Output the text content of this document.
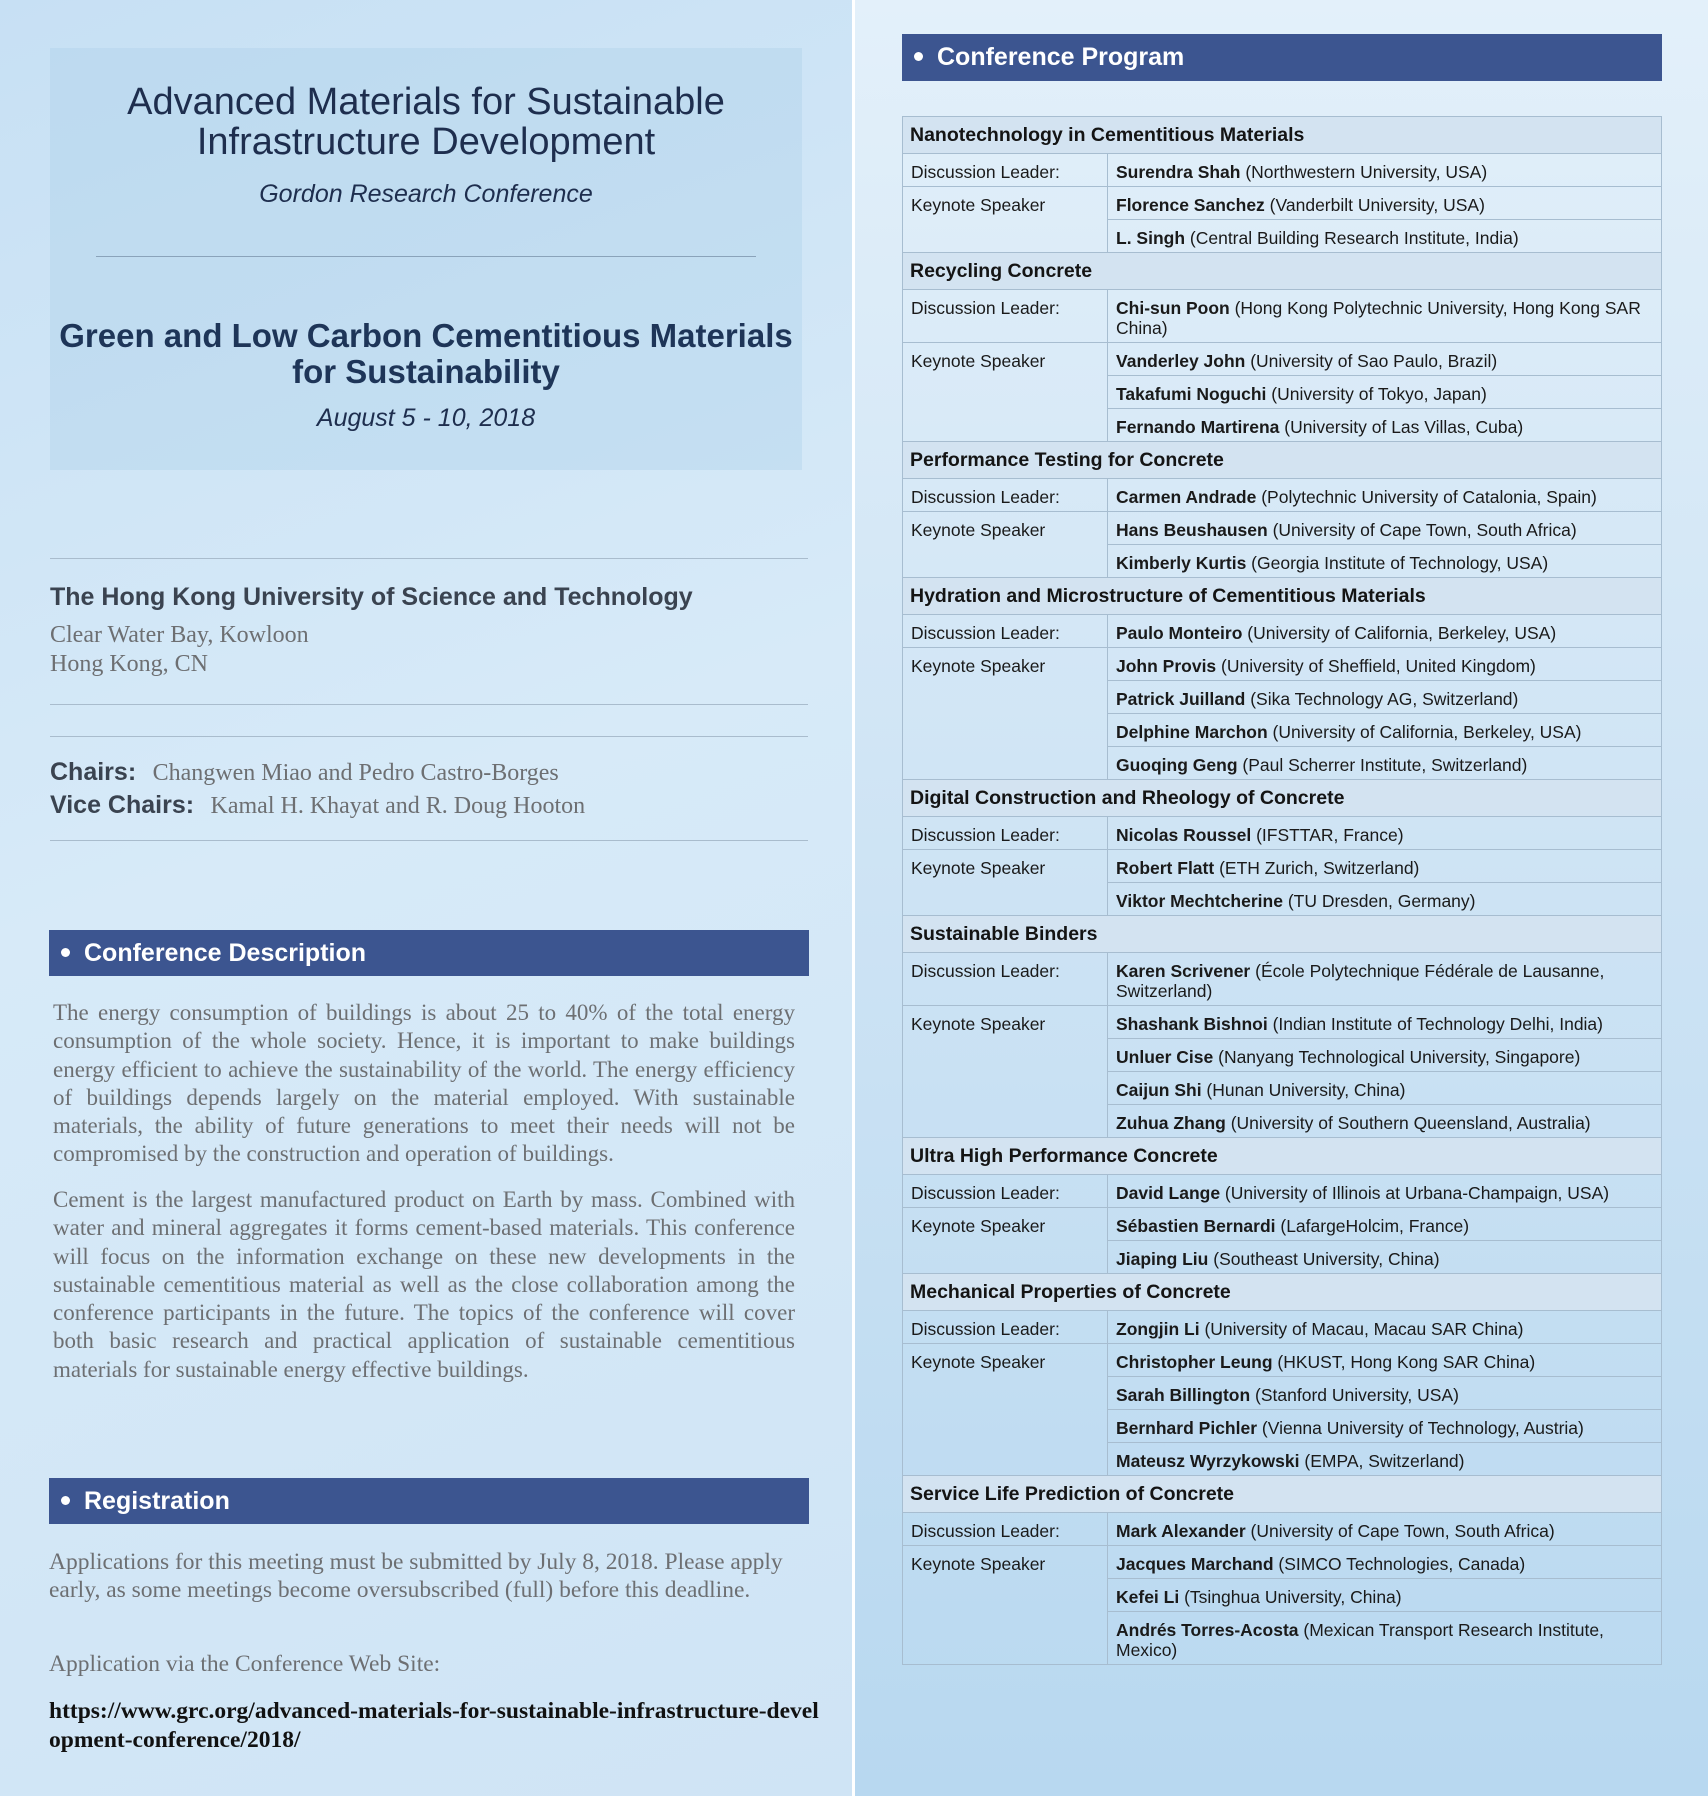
Advanced Materials for Sustainable Infrastructure Development
Gordon Research Conference
Green and Low Carbon Cementitious Materials for Sustainability
August 5 - 10, 2018
The Hong Kong University of Science and Technology
Clear Water Bay, Kowloon
Hong Kong, CN
Chairs: Changwen Miao and Pedro Castro-Borges
Vice Chairs: Kamal H. Khayat and R. Doug Hooton
Conference Description

The energy consumption of buildings is about 25 to 40% of the total energy consumption of the whole society. Hence, it is important to make buildings energy efficient to achieve the sustainability of the world. The energy efficiency of buildings depends largely on the material employed. With sustainable materials, the ability of future generations to meet their needs will not be compromised by the construction and operation of buildings.

Cement is the largest manufactured product on Earth by mass. Combined with water and mineral aggregates it forms cement-based materials. This conference will focus on the information exchange on these new developments in the sustainable cementitious material as well as the close collaboration among the conference participants in the future. The topics of the conference will cover both basic research and practical application of sustainable cementitious materials for sustainable energy effective buildings.

Registration

Applications for this meeting must be submitted by July 8, 2018. Please apply early, as some meetings become oversubscribed (full) before this deadline.

Application via the Conference Web Site:

https://www.grc.org/advanced-materials-for-sustainable-infrastructure-development-conference/2018/
Conference Program
Nanotechnology in Cementitious Materials	
Discussion Leader:	Surendra Shah (Northwestern University, USA)
Keynote Speaker	Florence Sanchez (Vanderbilt University, USA)
	L. Singh (Central Building Research Institute, India)
Recycling Concrete	
Discussion Leader:	Chi-sun Poon (Hong Kong Polytechnic University, Hong Kong SAR China)
Keynote Speaker	Vanderley John (University of Sao Paulo, Brazil)
	Takafumi Noguchi (University of Tokyo, Japan)
	Fernando Martirena (University of Las Villas, Cuba)
Performance Testing for Concrete	
Discussion Leader:	Carmen Andrade (Polytechnic University of Catalonia, Spain)
Keynote Speaker	Hans Beushausen (University of Cape Town, South Africa)
	Kimberly Kurtis (Georgia Institute of Technology, USA)
Hydration and Microstructure of Cementitious Materials	
Discussion Leader:	Paulo Monteiro (University of California, Berkeley, USA)
Keynote Speaker	John Provis (University of Sheffield, United Kingdom)
	Patrick Juilland (Sika Technology AG, Switzerland)
	Delphine Marchon (University of California, Berkeley, USA)
	Guoqing Geng (Paul Scherrer Institute, Switzerland)
Digital Construction and Rheology of Concrete	
Discussion Leader:	Nicolas Roussel (IFSTTAR, France)
Keynote Speaker	Robert Flatt (ETH Zurich, Switzerland)
	Viktor Mechtcherine (TU Dresden, Germany)
Sustainable Binders	
Discussion Leader:	Karen Scrivener (École Polytechnique Fédérale de Lausanne, Switzerland)
Keynote Speaker	Shashank Bishnoi (Indian Institute of Technology Delhi, India)
	Unluer Cise (Nanyang Technological University, Singapore)
	Caijun Shi (Hunan University, China)
	Zuhua Zhang (University of Southern Queensland, Australia)
Ultra High Performance Concrete	
Discussion Leader:	David Lange (University of Illinois at Urbana-Champaign, USA)
Keynote Speaker	Sébastien Bernardi (LafargeHolcim, France)
	Jiaping Liu (Southeast University, China)
Mechanical Properties of Concrete	
Discussion Leader:	Zongjin Li (University of Macau, Macau SAR China)
Keynote Speaker	Christopher Leung (HKUST, Hong Kong SAR China)
	Sarah Billington (Stanford University, USA)
	Bernhard Pichler (Vienna University of Technology, Austria)
	Mateusz Wyrzykowski (EMPA, Switzerland)
Service Life Prediction of Concrete	
Discussion Leader:	Mark Alexander (University of Cape Town, South Africa)
Keynote Speaker	Jacques Marchand (SIMCO Technologies, Canada)
	Kefei Li (Tsinghua University, China)
	Andrés Torres-Acosta (Mexican Transport Research Institute, Mexico)
